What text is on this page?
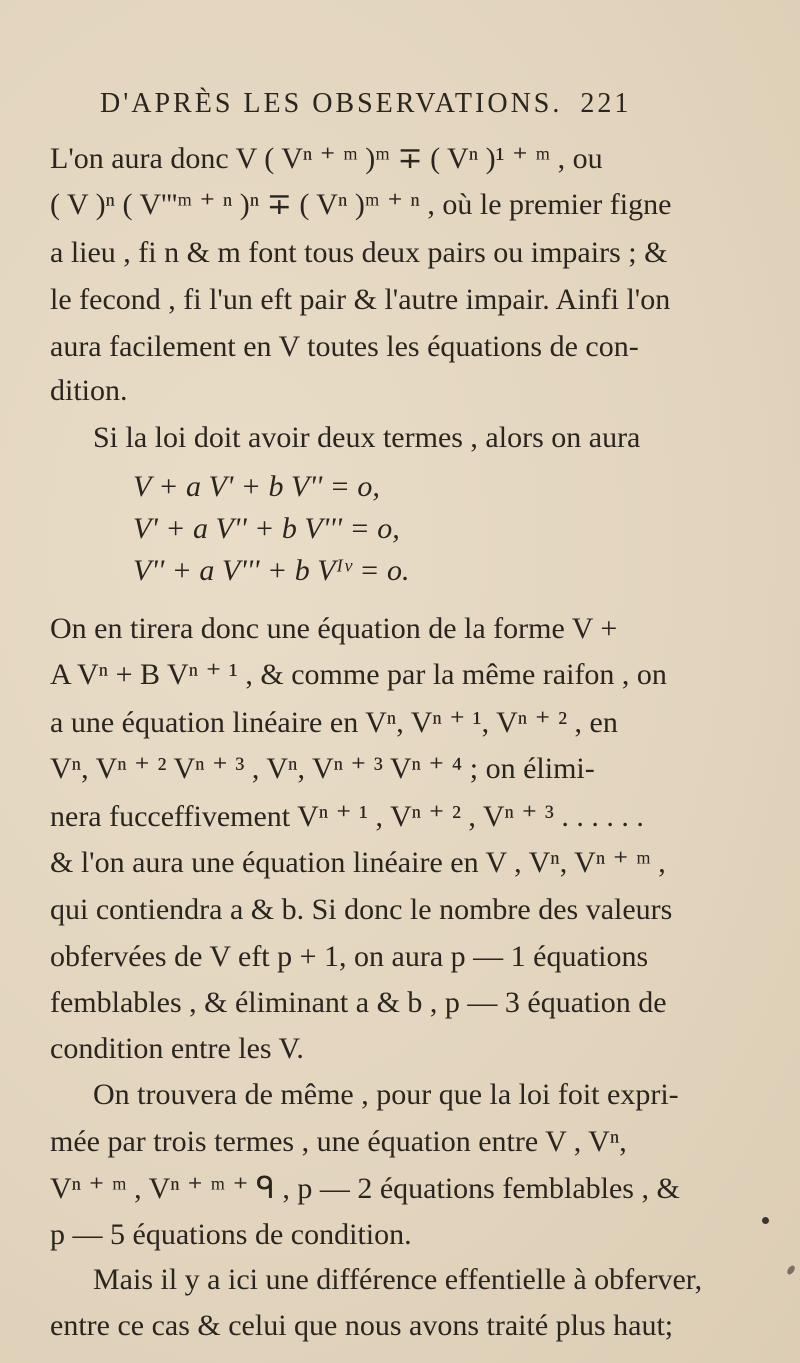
D'APRÈS LES OBSERVATIONS. 221
L'on aura donc V ( Vⁿ ⁺ ᵐ )ᵐ ∓ ( Vⁿ )¹ ⁺ ᵐ , ou
( V )ⁿ ( V'''ᵐ ⁺ ⁿ )ⁿ ∓ ( Vⁿ )ᵐ ⁺ ⁿ , où le premier figne
a lieu , fi n & m font tous deux pairs ou impairs ; &
le fecond , fi l'un eft pair & l'autre impair. Ainfi l'on
aura facilement en V toutes les équations de con-
dition.
Si la loi doit avoir deux termes , alors on aura
V + a V' + b V'' = o,
V' + a V'' + b V''' = o,
V'' + a V''' + b Vᴵᵛ = o.
On en tirera donc une équation de la forme V +
A Vⁿ + B Vⁿ ⁺ ¹ , & comme par la même raifon , on
a une équation linéaire en Vⁿ, Vⁿ ⁺ ¹, Vⁿ ⁺ ² , en
Vⁿ, Vⁿ ⁺ ² Vⁿ ⁺ ³ , Vⁿ, Vⁿ ⁺ ³ Vⁿ ⁺ ⁴ ; on élimi-
nera fucceffivement Vⁿ ⁺ ¹ , Vⁿ ⁺ ² , Vⁿ ⁺ ³ . . . . . .
& l'on aura une équation linéaire en V , Vⁿ, Vⁿ ⁺ ᵐ ,
qui contiendra a & b. Si donc le nombre des valeurs
obfervées de V eft p + 1, on aura p — 1 équations
femblables , & éliminant a & b , p — 3 équation de
condition entre les V.
On trouvera de même , pour que la loi foit expri-
mée par trois termes , une équation entre V , Vⁿ,
Vⁿ ⁺ ᵐ , Vⁿ ⁺ ᵐ ⁺ ᑫ , p — 2 équations femblables , &
p — 5 équations de condition.
Mais il y a ici une différence effentielle à obferver,
entre ce cas & celui que nous avons traité plus haut;
